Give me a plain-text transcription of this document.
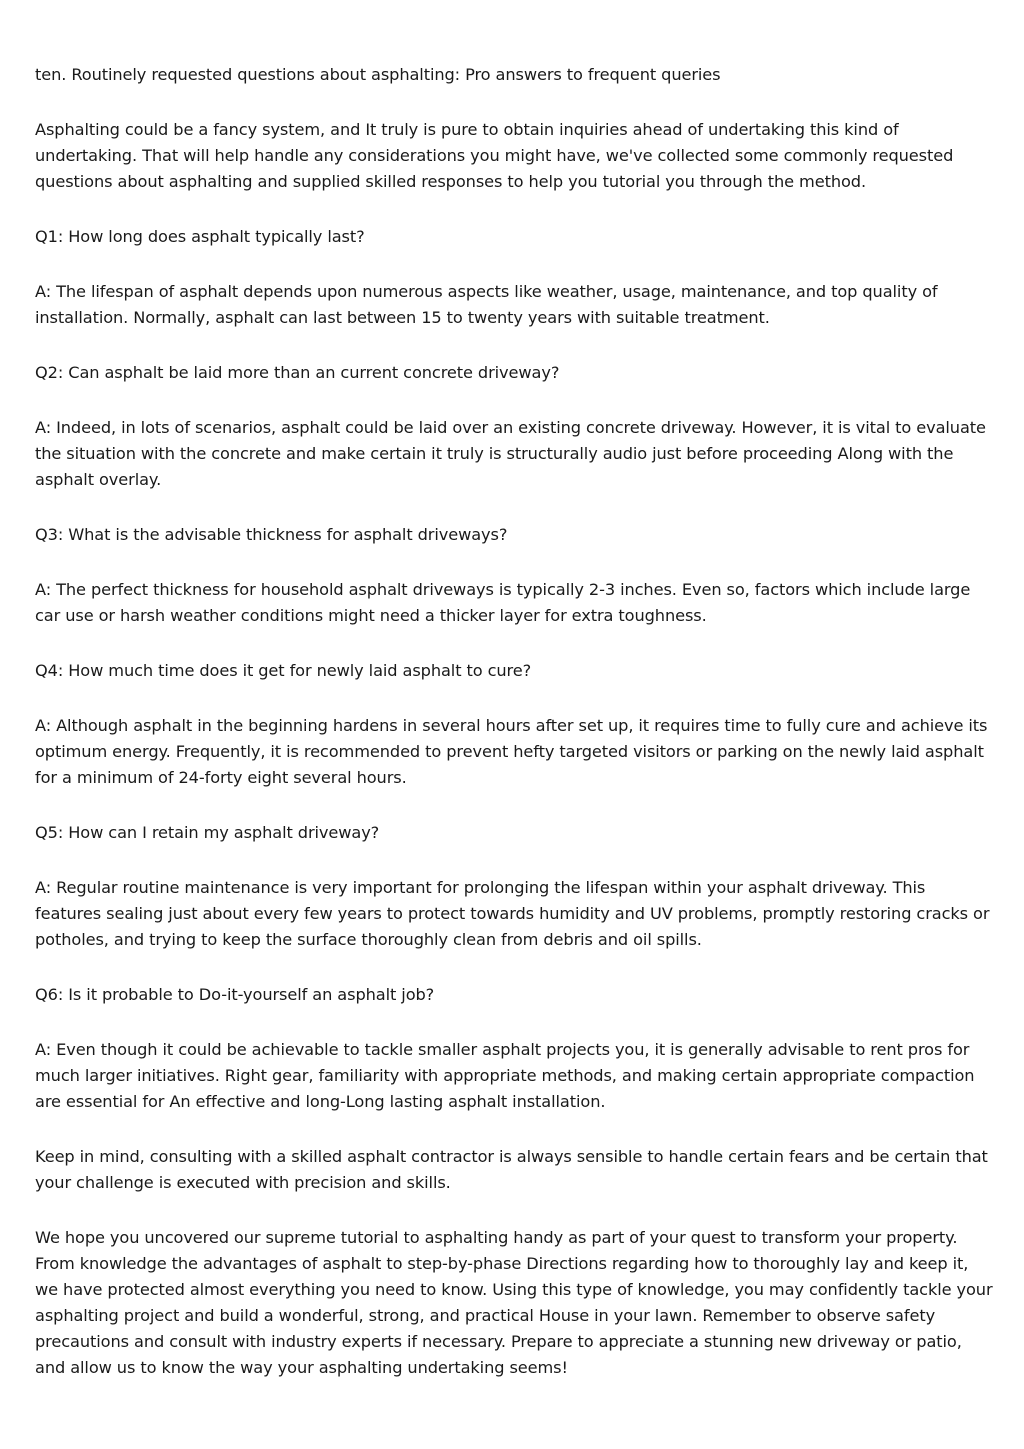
ten. Routinely requested questions about asphalting: Pro answers to frequent queries

Asphalting could be a fancy system, and It truly is pure to obtain inquiries ahead of undertaking this kind of undertaking. That will help handle any considerations you might have, we've collected some commonly requested questions about asphalting and supplied skilled responses to help you tutorial you through the method.

Q1: How long does asphalt typically last?

A: The lifespan of asphalt depends upon numerous aspects like weather, usage, maintenance, and top quality of installation. Normally, asphalt can last between 15 to twenty years with suitable treatment.

Q2: Can asphalt be laid more than an current concrete driveway?

A: Indeed, in lots of scenarios, asphalt could be laid over an existing concrete driveway. However, it is vital to evaluate the situation with the concrete and make certain it truly is structurally audio just before proceeding Along with the asphalt overlay.

Q3: What is the advisable thickness for asphalt driveways?

A: The perfect thickness for household asphalt driveways is typically 2-3 inches. Even so, factors which include large car use or harsh weather conditions might need a thicker layer for extra toughness.

Q4: How much time does it get for newly laid asphalt to cure?

A: Although asphalt in the beginning hardens in several hours after set up, it requires time to fully cure and achieve its optimum energy. Frequently, it is recommended to prevent hefty targeted visitors or parking on the newly laid asphalt for a minimum of 24-forty eight several hours.

Q5: How can I retain my asphalt driveway?

A: Regular routine maintenance is very important for prolonging the lifespan within your asphalt driveway. This features sealing just about every few years to protect towards humidity and UV problems, promptly restoring cracks or potholes, and trying to keep the surface thoroughly clean from debris and oil spills.

Q6: Is it probable to Do-it-yourself an asphalt job?

A: Even though it could be achievable to tackle smaller asphalt projects you, it is generally advisable to rent pros for much larger initiatives. Right gear, familiarity with appropriate methods, and making certain appropriate compaction are essential for An effective and long-Long lasting asphalt installation.

Keep in mind, consulting with a skilled asphalt contractor is always sensible to handle certain fears and be certain that your challenge is executed with precision and skills.

We hope you uncovered our supreme tutorial to asphalting handy as part of your quest to transform your property. From knowledge the advantages of asphalt to step-by-phase Directions regarding how to thoroughly lay and keep it, we have protected almost everything you need to know. Using this type of knowledge, you may confidently tackle your asphalting project and build a wonderful, strong, and practical House in your lawn. Remember to observe safety precautions and consult with industry experts if necessary. Prepare to appreciate a stunning new driveway or patio, and allow us to know the way your asphalting undertaking seems!
